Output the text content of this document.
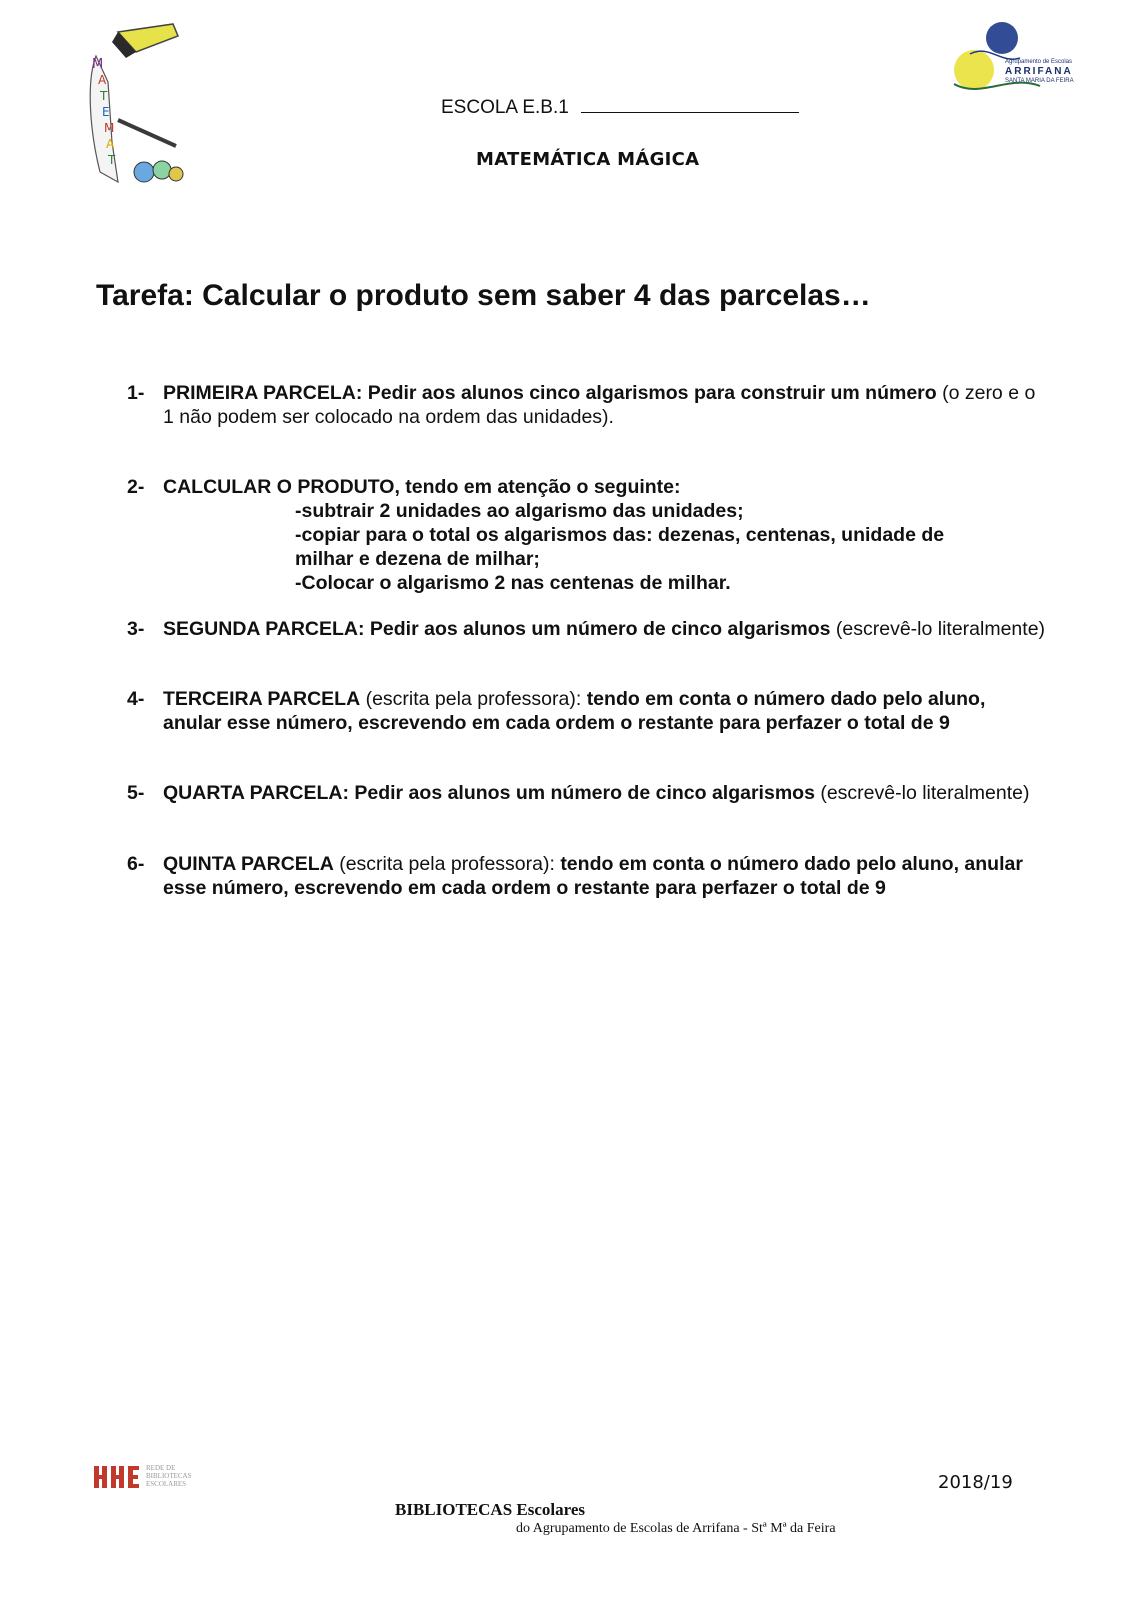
M
A
T
E
M
A
T
Agrupamento de Escolas
ARRIFANA
SANTA MARIA DA FEIRA
ESCOLA E.B.1
MATEMÁTICA MÁGICA
Tarefa: Calcular o produto sem saber 4 das parcelas…
1- PRIMEIRA PARCELA: Pedir aos alunos cinco algarismos para construir um número (o zero e o 1 não podem ser colocado na ordem das unidades).
2- CALCULAR O PRODUTO, tendo em atenção o seguinte:
-subtrair 2 unidades ao algarismo das unidades;
-copiar para o total os algarismos das: dezenas, centenas, unidade de milhar e dezena de milhar;
-Colocar o algarismo 2 nas centenas de milhar.
3- SEGUNDA PARCELA: Pedir aos alunos um número de cinco algarismos (escrevê-lo literalmente)
4- TERCEIRA PARCELA (escrita pela professora): tendo em conta o número dado pelo aluno, anular esse número, escrevendo em cada ordem o restante para perfazer o total de 9
5- QUARTA PARCELA: Pedir aos alunos um número de cinco algarismos (escrevê-lo literalmente)
6- QUINTA PARCELA (escrita pela professora): tendo em conta o número dado pelo aluno, anular esse número, escrevendo em cada ordem o restante para perfazer o total de 9
REDE DE BIBLIOTECAS ESCOLARES	2018/19
BIBLIOTECAS Escolares
do Agrupamento de Escolas de Arrifana - Stª Mª da Feira
